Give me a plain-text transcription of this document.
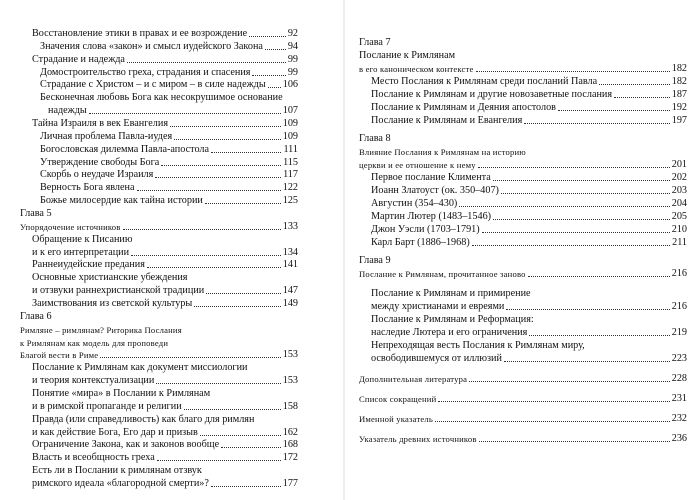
Восстановление этики в правах и ее возрождение	92
Значения слова «закон» и смысл иудейского Закона 94
Страдание и надежда	99
Домостроительство греха, страдания и спасения	99
Страдание с Христом – и с миром – в силе надежды 106
Бесконечная любовь Бога как несокрушимое основание
надежды	107
Тайна Израиля в век Евангелия	109
Личная проблема Павла-иудея	109
Богословская дилемма Павла-апостола	111
Утверждение свободы Бога	115
Скорбь о неудаче Израиля	117
Верность Бога явлена	122
Божье милосердие как тайна истории	125
Глава 5
Упорядочение источников	133
Обращение к Писанию
и к его интерпретации	134
Раннеиудейские предания	141
Основные христианские убеждения
и отзвуки раннехристианской традиции	147
Заимствования из светской культуры	149
Глава 6
Римляне – римлянам? Риторика Послания
к Римлянам как модель для проповеди
Благой вести в Риме	153
Послание к Римлянам как документ миссиологии
и теория контекстуализации	153
Понятие «мира» в Послании к Римлянам
и в римской пропаганде и религии	158
Правда (или справедливость) как благо для римлян
и как действие Бога, Его дар и призыв	162
Ограничение Закона, как и законов вообще	168
Власть и всеобщность греха	172
Есть ли в Послании к римлянам отзвук
римского идеала «благородной смерти»?	177
Глава 7
Послание к Римлянам
в его каноническом контексте	182
Место Послания к Римлянам среди посланий Павла	182
Послание к Римлянам и другие новозаветные послания	187
Послание к Римлянам и Деяния апостолов	192
Послание к Римлянам и Евангелия	197
Глава 8
Влияние Послания к Римлянам на историю
церкви и ее отношение к нему	201
Первое послание Климента	202
Иоанн Златоуст (ок. 350–407)	203
Августин (354–430)	204
Мартин Лютер (1483–1546)	205
Джон Уэсли (1703–1791)	210
Карл Барт (1886–1968)	211
Глава 9
Послание к Римлянам, прочитанное заново	216
Послание к Римлянам и примирение
между христианами и евреями	216
Послание к Римлянам и Реформация:
наследие Лютера и его ограничения	219
Непреходящая весть Послания к Римлянам миру,
освободившемуся от иллюзий	223
Дополнительная литература	228
Список сокращений	231
Именной указатель	232
Указатель древних источников	236
